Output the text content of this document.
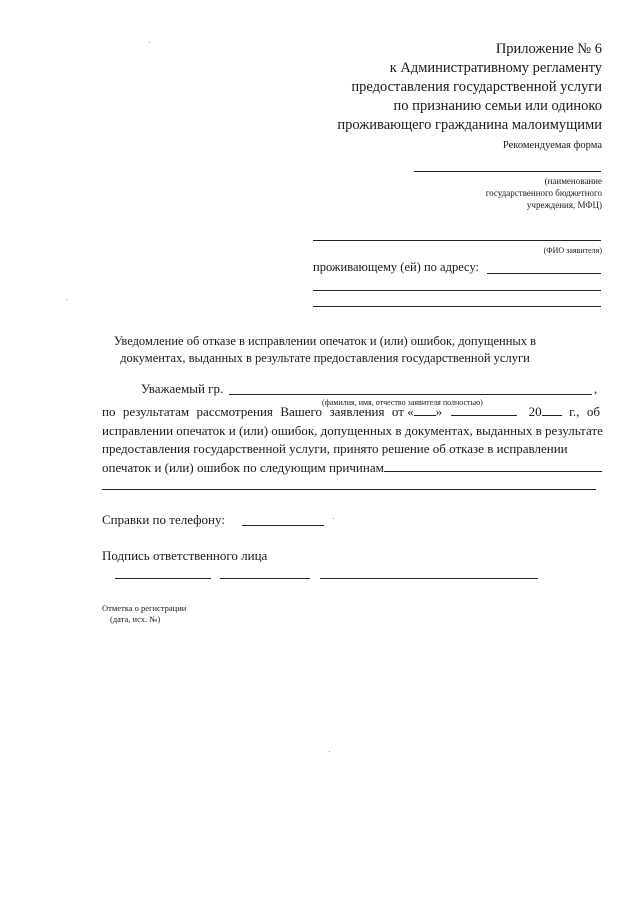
Приложение № 6
к Административному регламенту
предоставления государственной услуги
по признанию семьи или одиноко
проживающего гражданина малоимущими
Рекомендуемая форма
(наименование
государственного бюджетного
учреждения, МФЦ)
(ФИО заявителя)
проживающему (ей) по адресу:
Уведомление об отказе в исправлении опечаток и (или) ошибок, допущенных в
документах, выданных в результате предоставления государственной услуги
Уважаемый гр.	,
(фамилия, имя, отчество заявителя полностью)
по результатам рассмотрения Вашего заявления от « »	20	г., об
исправлении опечаток и (или) ошибок, допущенных в документах, выданных в результате
предоставления государственной услуги, принято решение об отказе в исправлении
опечаток и (или) ошибок по следующим причинам
Справки по телефону:
Подпись ответственного лица
Отметка о регистрации
(дата, исх. №)
